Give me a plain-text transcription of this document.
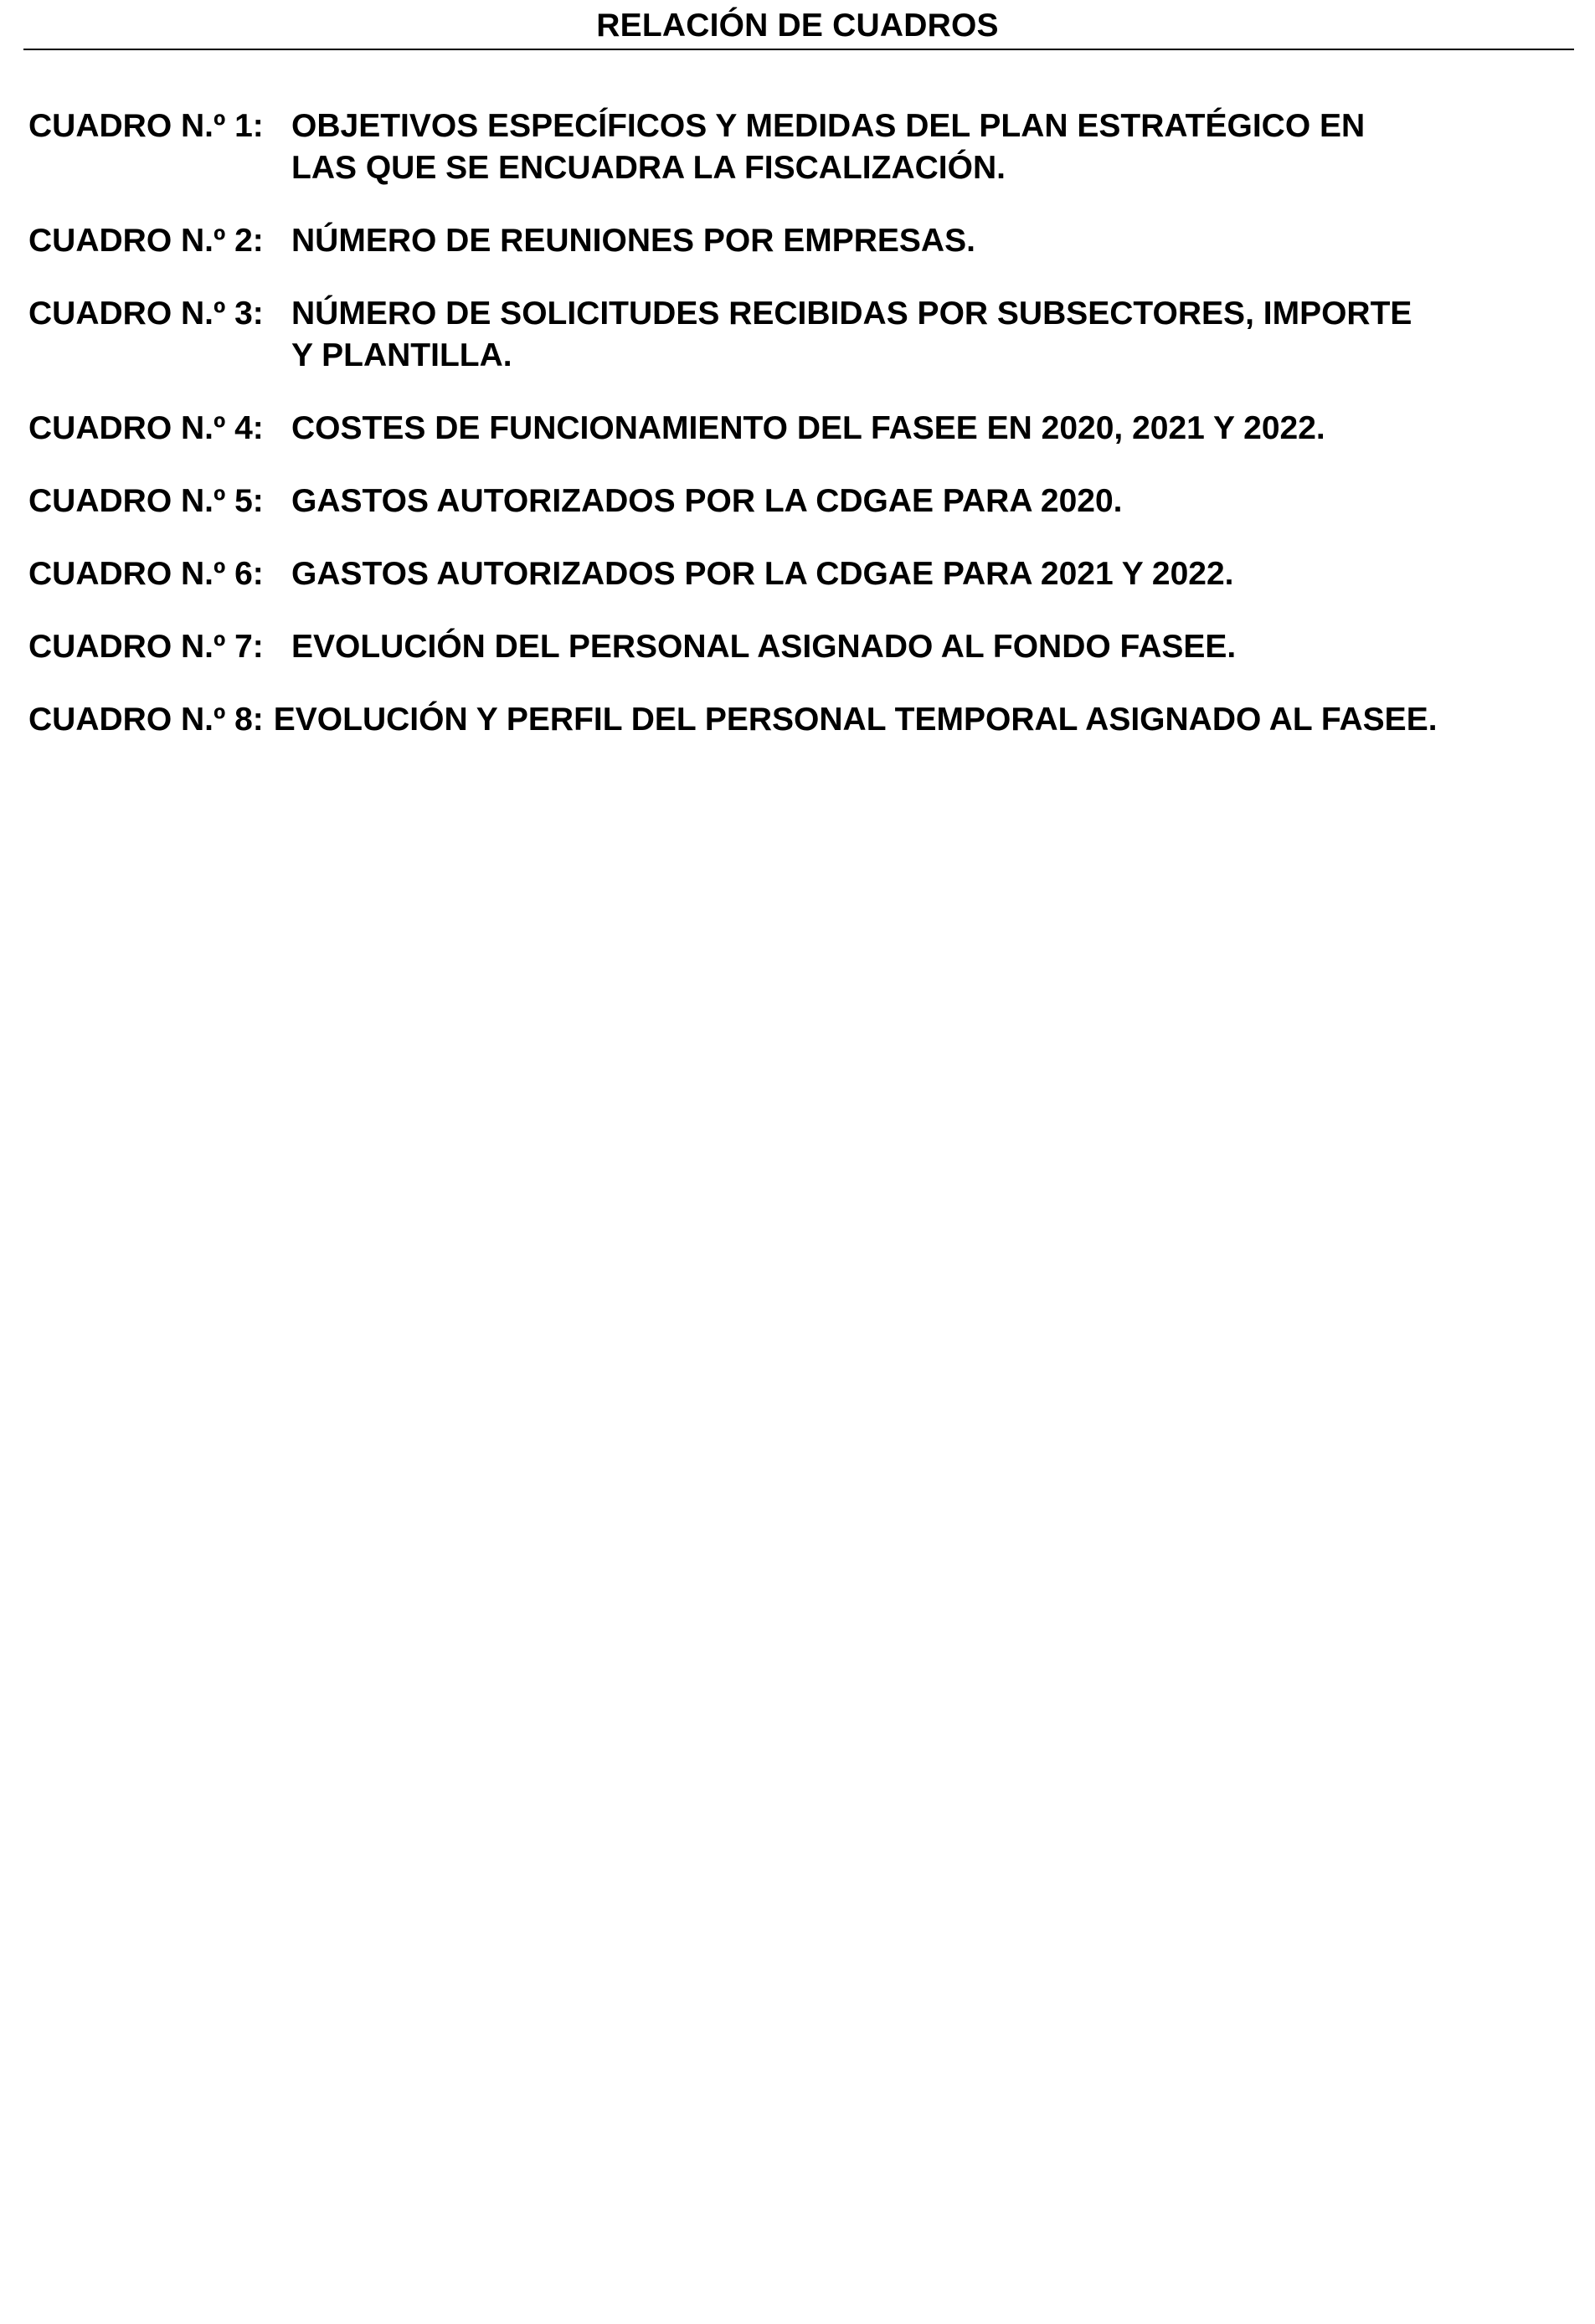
RELACIÓN DE CUADROS
CUADRO N.º 1: OBJETIVOS ESPECÍFICOS Y MEDIDAS DEL PLAN ESTRATÉGICO EN
LAS QUE SE ENCUADRA LA FISCALIZACIÓN.
CUADRO N.º 2: NÚMERO DE REUNIONES POR EMPRESAS.
CUADRO N.º 3: NÚMERO DE SOLICITUDES RECIBIDAS POR SUBSECTORES, IMPORTE
Y PLANTILLA.
CUADRO N.º 4: COSTES DE FUNCIONAMIENTO DEL FASEE EN 2020, 2021 Y 2022.
CUADRO N.º 5: GASTOS AUTORIZADOS POR LA CDGAE PARA 2020.
CUADRO N.º 6: GASTOS AUTORIZADOS POR LA CDGAE PARA 2021 Y 2022.
CUADRO N.º 7: EVOLUCIÓN DEL PERSONAL ASIGNADO AL FONDO FASEE.
CUADRO N.º 8: EVOLUCIÓN Y PERFIL DEL PERSONAL TEMPORAL ASIGNADO AL FASEE.
